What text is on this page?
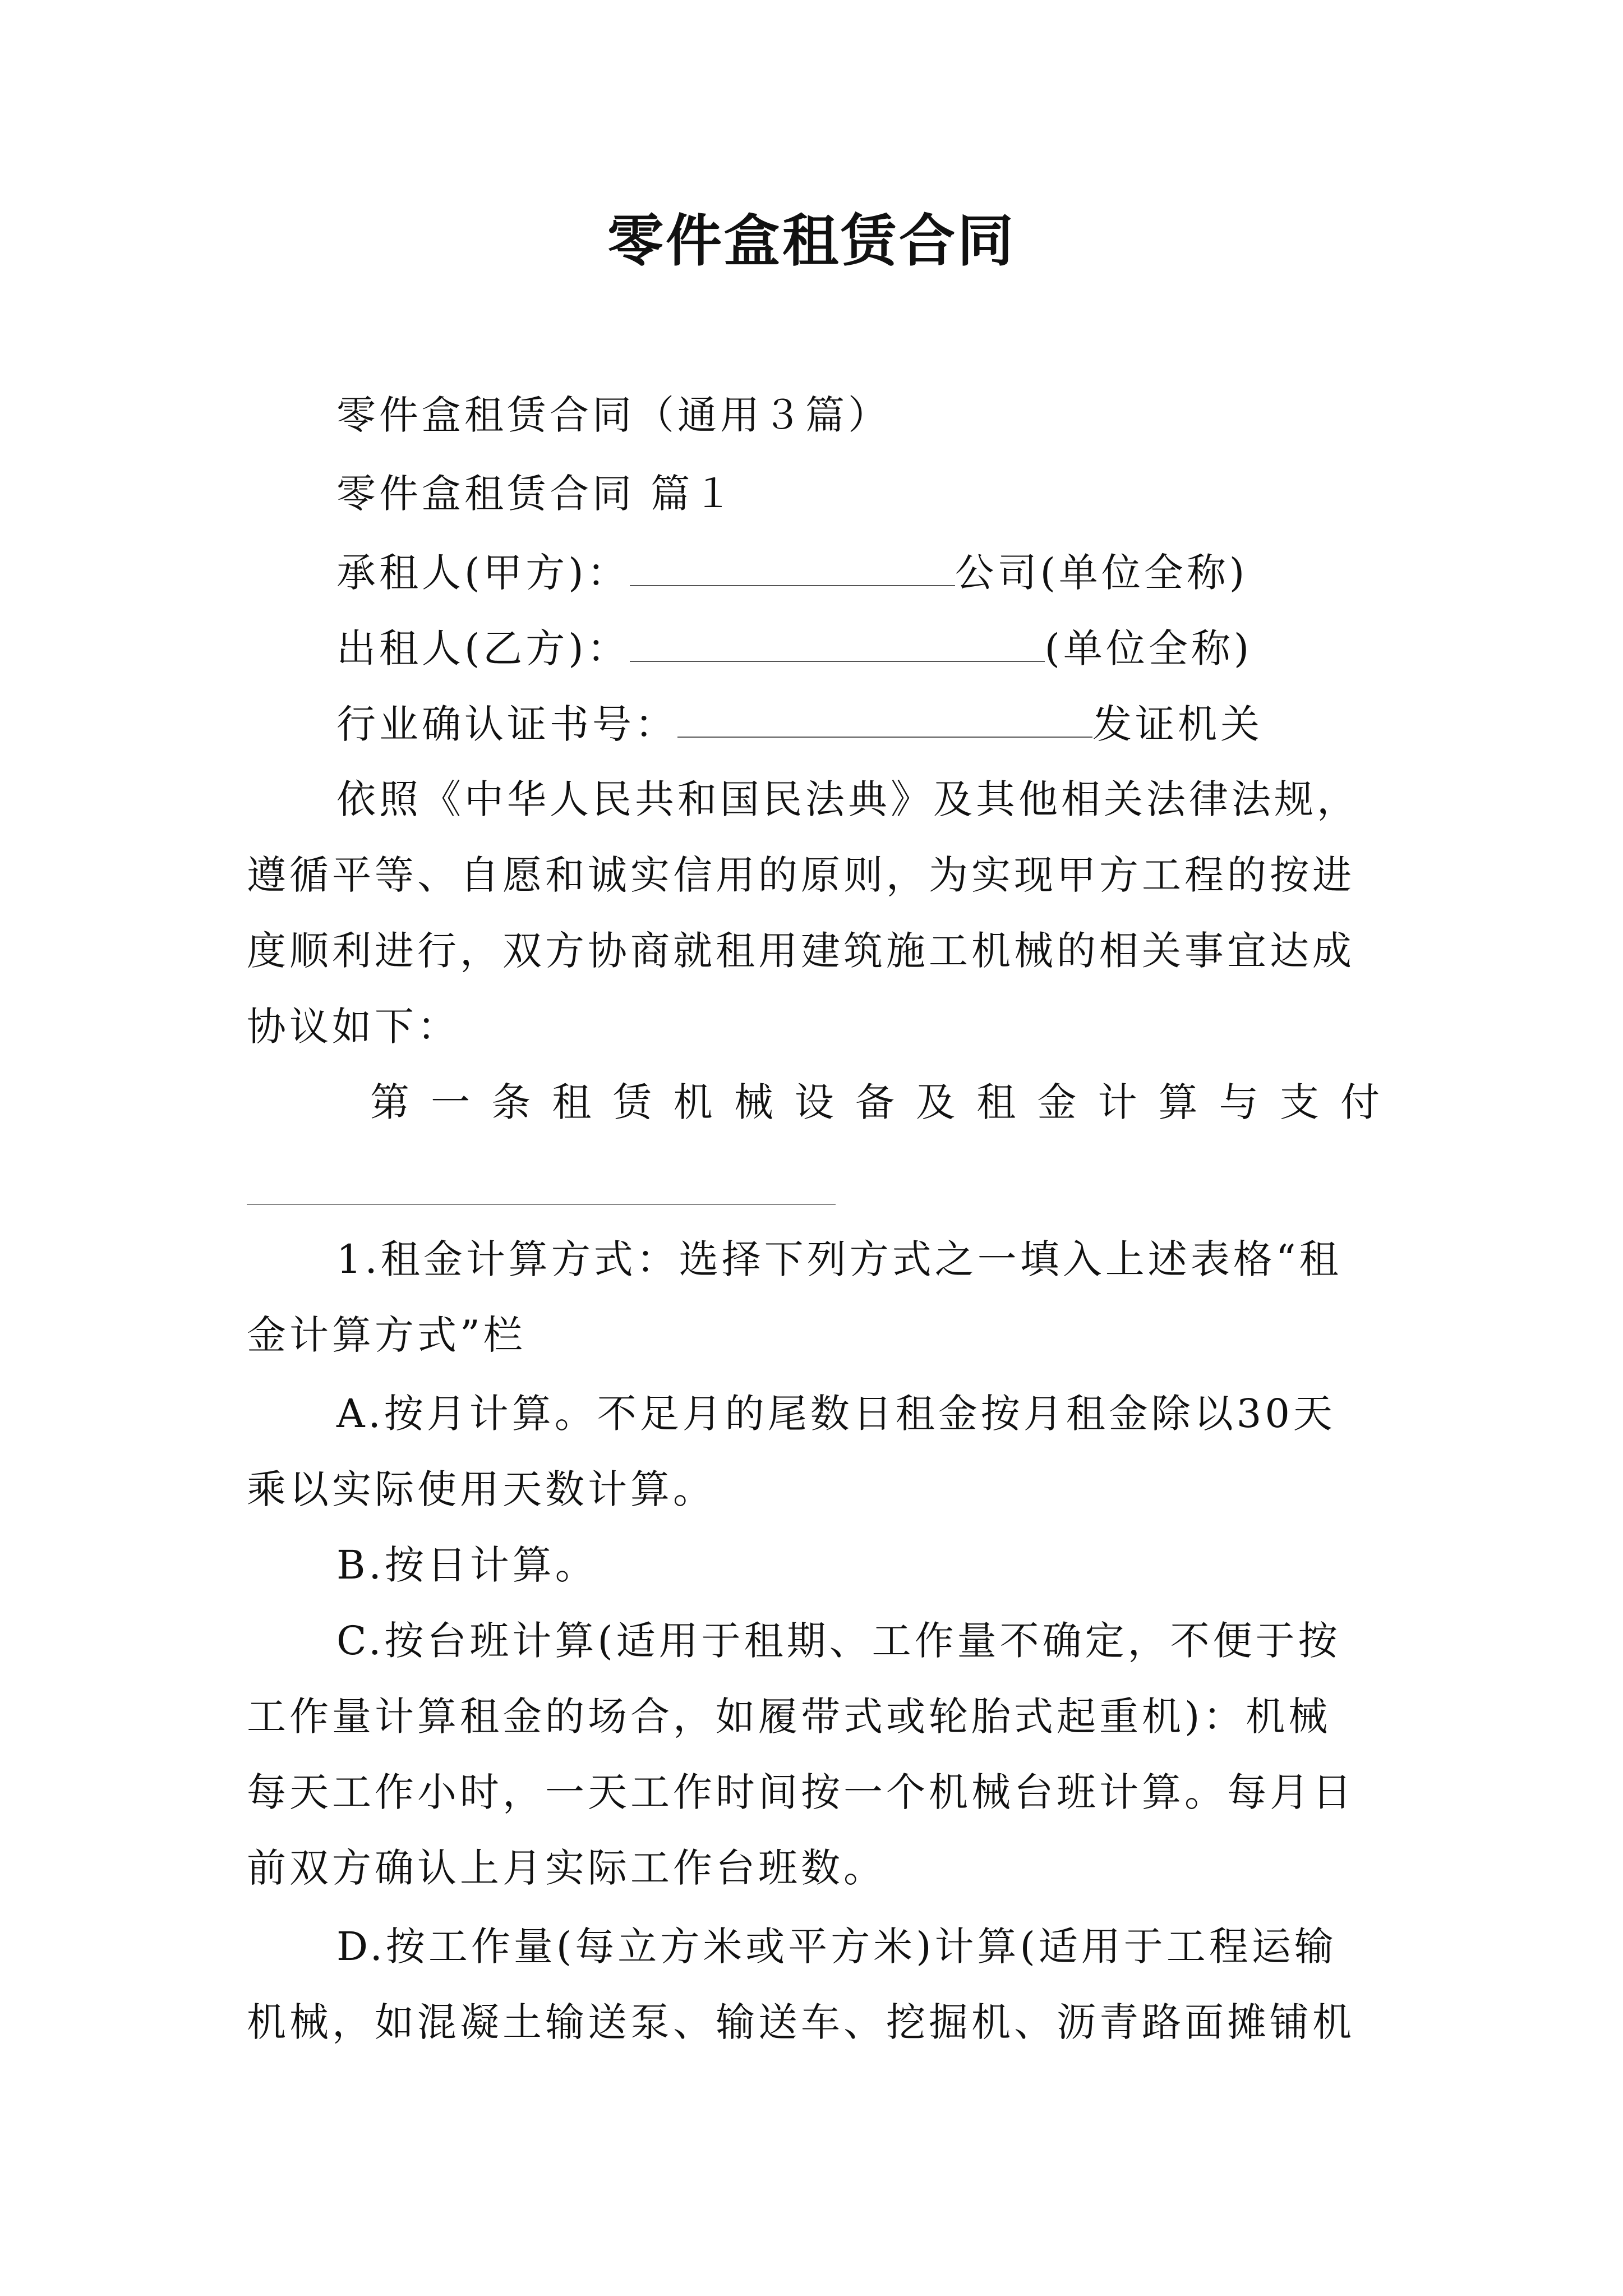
零件盒租赁合同
零件盒租赁合同（通用３篇）
零件盒租赁合同 篇１
承租人(甲方)：	公司(单位全称)
出租人(乙方)：	(单位全称)
行业确认证书号：	发证机关
依照《中华人民共和国民法典》及其他相关法律法规，
遵循平等、自愿和诚实信用的原则，为实现甲方工程的按进
度顺利进行，双方协商就租用建筑施工机械的相关事宜达成
协议如下：
第 一 条 租 赁 机 械 设 备 及 租 金 计 算 与 支 付
1.租金计算方式：选择下列方式之一填入上述表格“租
金计算方式”栏
A.按月计算。不足月的尾数日租金按月租金除以30天
乘以实际使用天数计算。
B.按日计算。
C.按台班计算(适用于租期、工作量不确定，不便于按
工作量计算租金的场合，如履带式或轮胎式起重机)：机械
每天工作小时，一天工作时间按一个机械台班计算。每月日
前双方确认上月实际工作台班数。
D.按工作量(每立方米或平方米)计算(适用于工程运输
机械，如混凝土输送泵、输送车、挖掘机、沥青路面摊铺机
